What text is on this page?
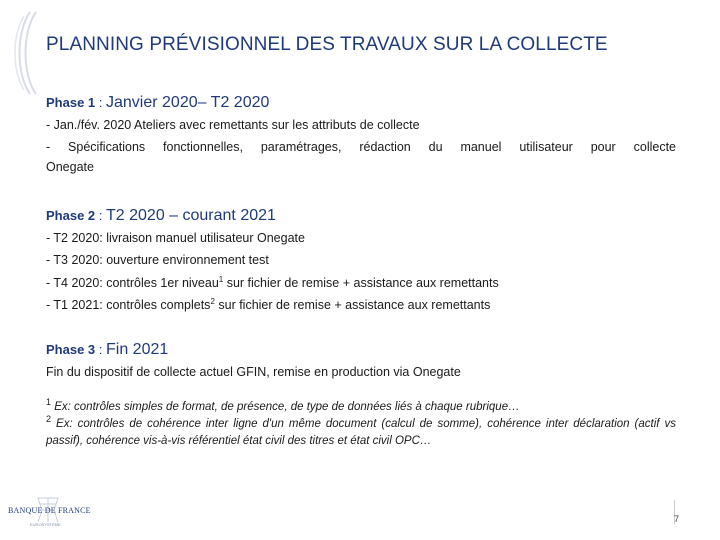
PLANNING PRÉVISIONNEL DES TRAVAUX SUR LA COLLECTE

Phase 1 : Janvier 2020– T2 2020

- Jan./fév. 2020 Ateliers avec remettants sur les attributs de collecte

- Spécifications fonctionnelles, paramétrages, rédaction du manuel utilisateur pour collecte

Onegate

Phase 2 : T2 2020 – courant 2021

- T2 2020: livraison manuel utilisateur Onegate

- T3 2020: ouverture environnement test

- T4 2020: contrôles 1er niveau$^1$ sur fichier de remise + assistance aux remettants

- T1 2021: contrôles complets$^2$ sur fichier de remise + assistance aux remettants

Phase 3 : Fin 2021

Fin du dispositif de collecte actuel GFIN, remise en production via Onegate

$^1$ Ex: contrôles simples de format, de présence, de type de données liés à chaque rubrique…

$^2$ Ex: contrôles de cohérence inter ligne d'un même document (calcul de somme), cohérence inter déclaration (actif vs passif), cohérence vis-à-vis référentiel état civil des titres et état civil OPC…

BANQUE DE FRANCE
EUROSYSTÈME
7
